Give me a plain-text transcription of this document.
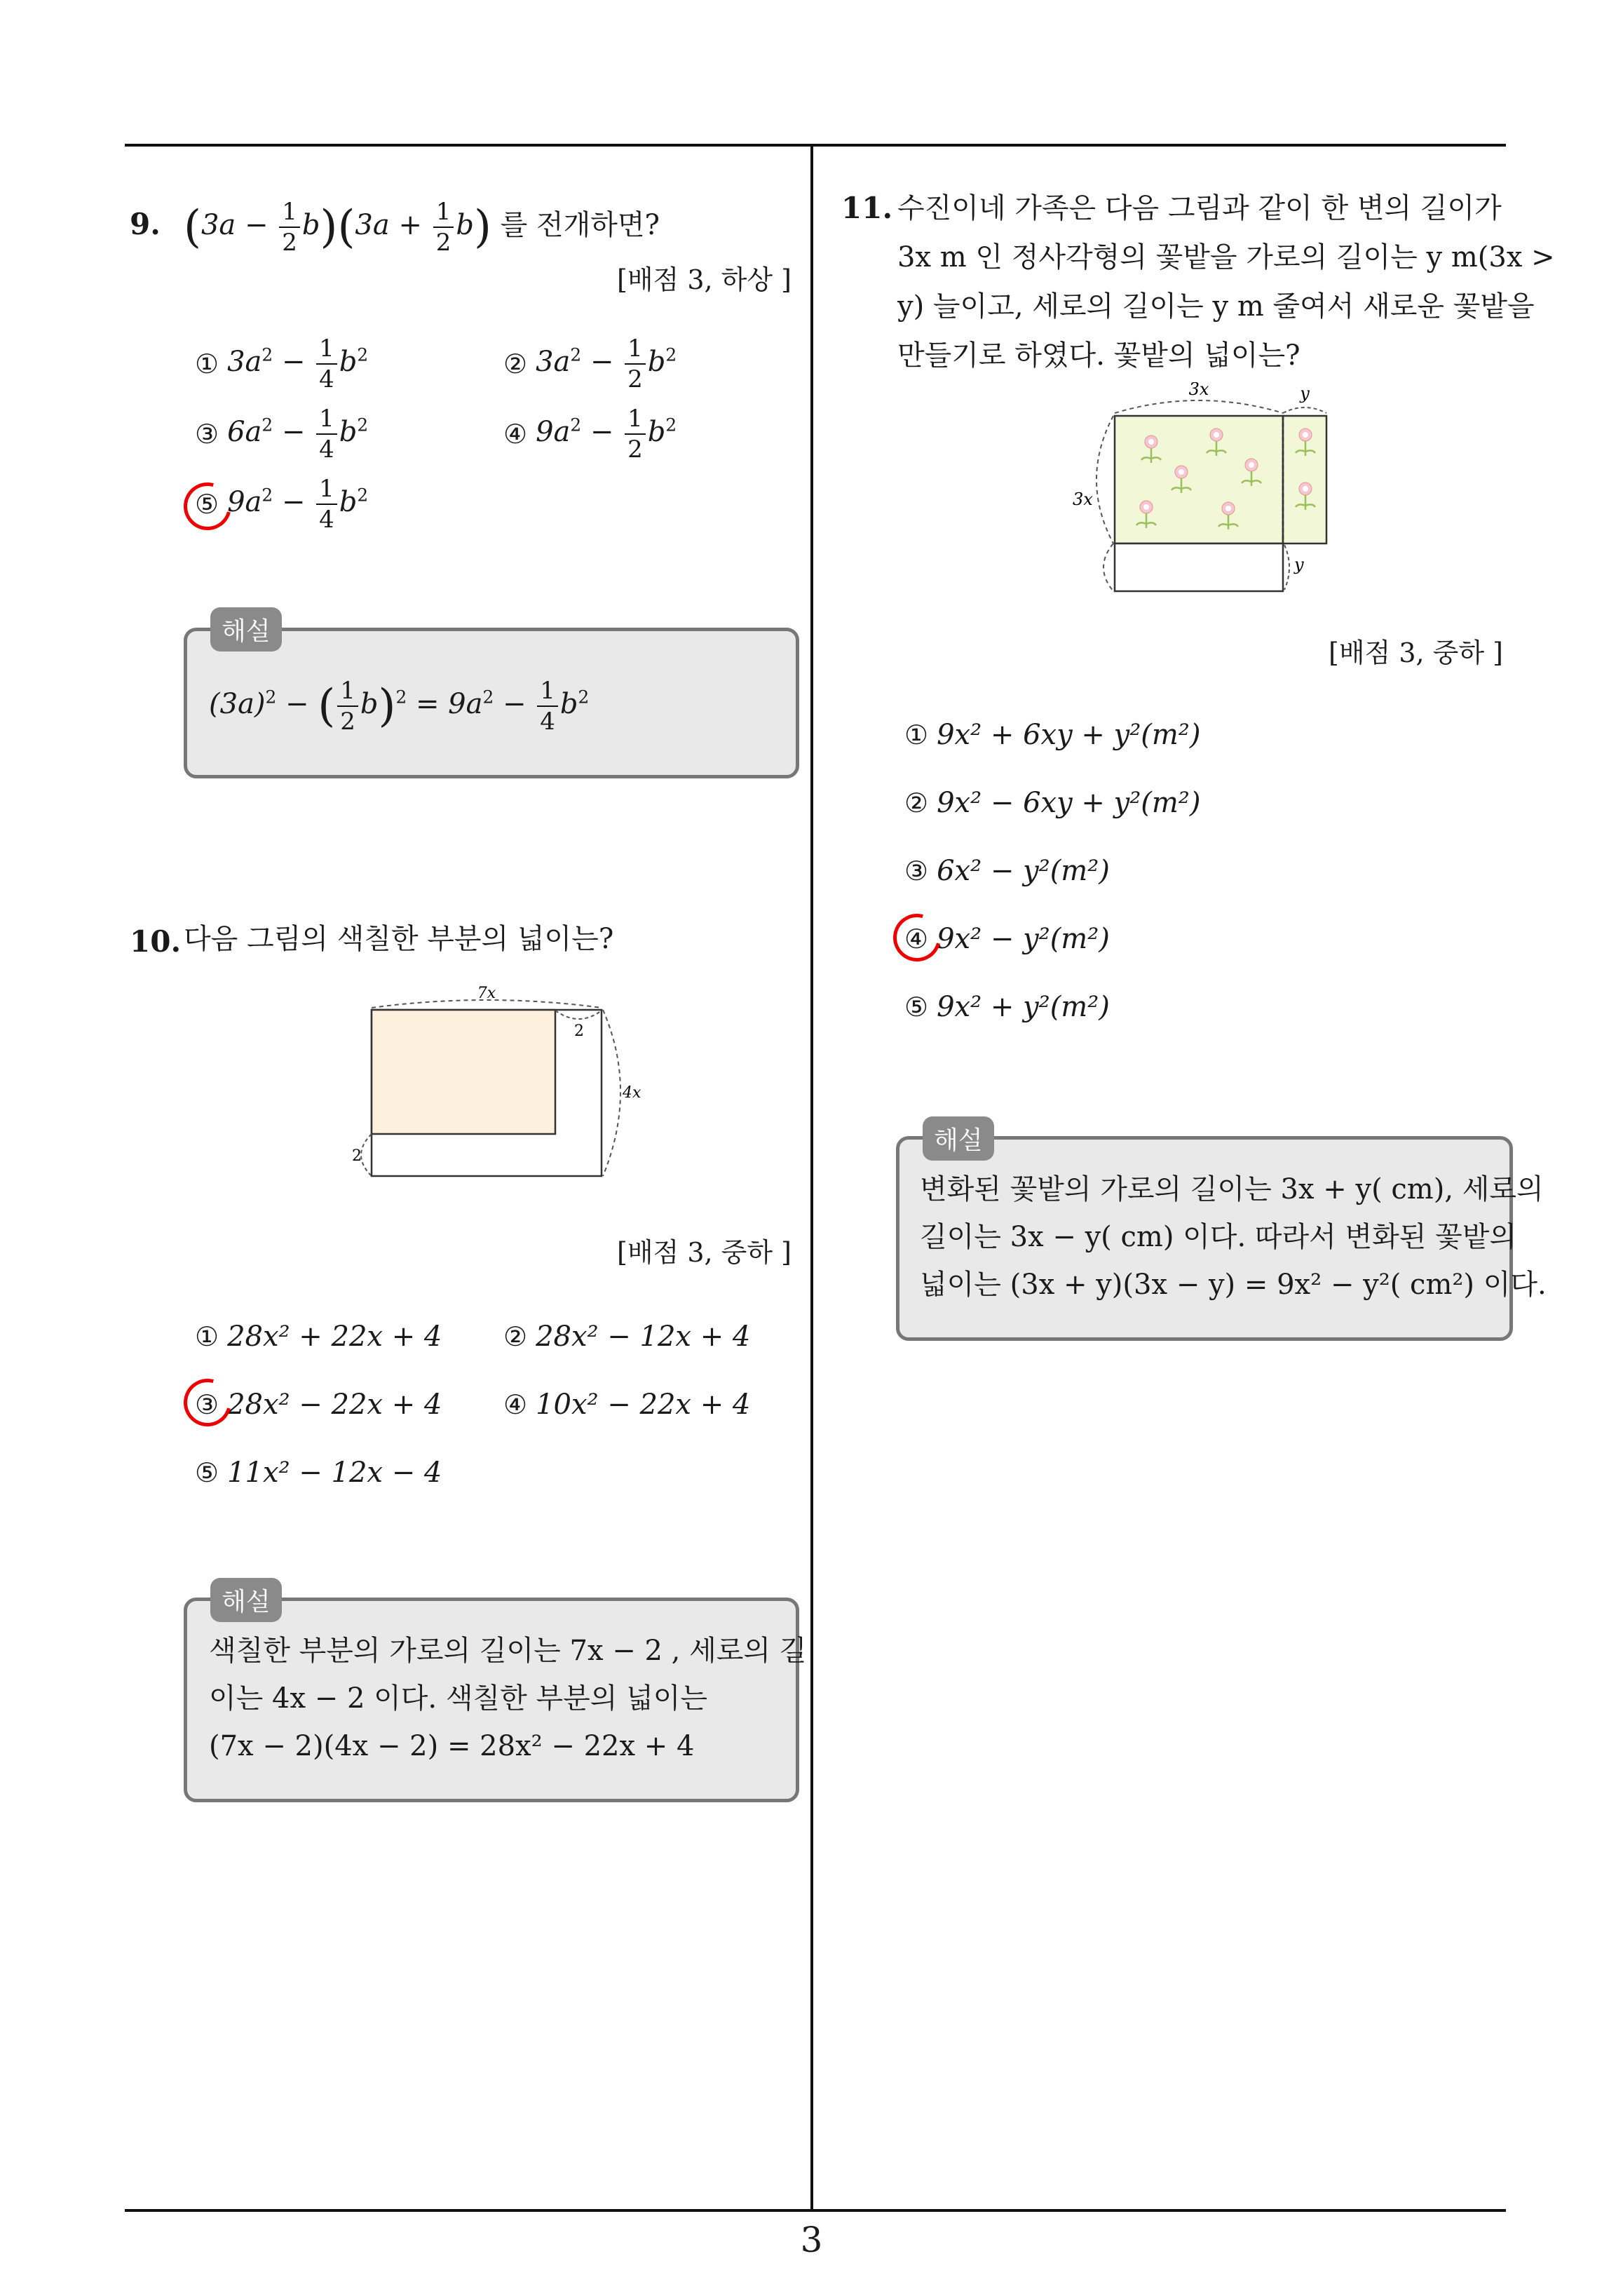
3
9. $(3a - \frac{1}{2} b)(3a + \frac{1}{2} b)$ 를 전개하면?
[배점 3, 하상 ]
① $3a^2 - \frac{1}{4} b^2$	② $3a^2 - \frac{1}{2} b^2$
③ $6a^2 - \frac{1}{4} b^2$	④ $9a^2 - \frac{1}{2} b^2$
⑤ $9a^2 - \frac{1}{4} b^2$
해설
$(3a)^2$ − ( $\frac{1}{2} b)^2 = 9a^2 - \frac{1}{4} b^2$
10. 다음 그림의 색칠한 부분의 넓이는?
7x
2
4x
2
[배점 3, 중하 ]
① 28x² + 22x + 4 ② 28x² − 12x + 4
③ 28x² − 22x + 4 ④ 10x² − 22x + 4
⑤ 11x² − 12x − 4
해설
색칠한 부분의 가로의 길이는 7x − 2 , 세로의 길
이는 4x − 2 이다. 색칠한 부분의 넓이는
(7x − 2)(4x − 2) = 28x² − 22x + 4
11. 수진이네 가족은 다음 그림과 같이 한 변의 길이가
3x m 인 정사각형의 꽃밭을 가로의 길이는 y m(3x >
y) 늘이고, 세로의 길이는 y m 줄여서 새로운 꽃밭을
만들기로 하였다. 꽃밭의 넓이는?
3x	y
3x
y
[배점 3, 중하 ]
① 9x² + 6xy + y²(m²)
② 9x² − 6xy + y²(m²)
③ 6x² − y²(m²)
④ 9x² − y²(m²)
⑤ 9x² + y²(m²)
해설
변화된 꽃밭의 가로의 길이는 3x + y( cm), 세로의
길이는 3x − y( cm) 이다. 따라서 변화된 꽃밭의
넓이는 (3x + y)(3x − y) = 9x² − y²( cm²) 이다.
